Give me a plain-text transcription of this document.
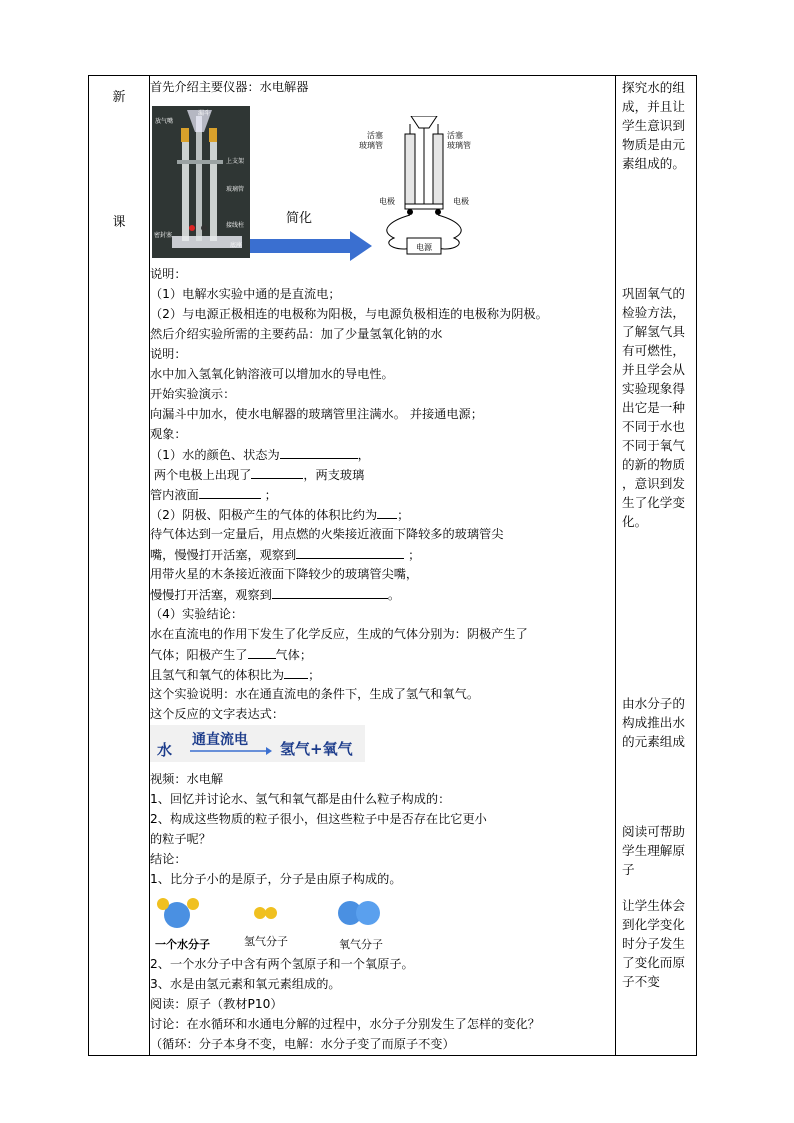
新
课
首先介绍主要仪器：水电解器
漏斗
放气嘴
上支架
玻璃管
接线柱
密封塞
底座
简化
活塞
玻璃管
活塞
玻璃管
电极	电极
电源
说明：
（1）电解水实验中通的是直流电；
（2）与电源正极相连的电极称为阳极，与电源负极相连的电极称为阴极。
然后介绍实验所需的主要药品：加了少量氢氧化钠的水
说明：
水中加入氢氧化钠溶液可以增加水的导电性。
开始实验演示：
向漏斗中加水，使水电解器的玻璃管里注满水。 并接通电源；
观象：
（1）水的颜色、状态为	，
两个电极上出现了	，两支玻璃
管内液面	；
（2）阴极、阳极产生的气体的体积比约为 ；
待气体达到一定量后，用点燃的火柴接近液面下降较多的玻璃管尖
嘴，慢慢打开活塞，观察到	；
用带火星的木条接近液面下降较少的玻璃管尖嘴，
慢慢打开活塞，观察到	。
（4）实验结论：
水在直流电的作用下发生了化学反应，生成的气体分别为：阴极产生了
气体；阳极产生了 气体；
且氢气和氧气的体积比为 ；
这个实验说明：水在通直流电的条件下，生成了氢气和氧气。
这个反应的文字表达式：
水
通直流电 氢气+氧气
视频：水电解
1、回忆并讨论水、氢气和氧气都是由什么粒子构成的：
2、构成这些物质的粒子很小，但这些粒子中是否存在比它更小
的粒子呢？
结论：
1、比分子小的是原子，分子是由原子构成的。
一个水分子	氢气分子	氧气分子
2、一个水分子中含有两个氢原子和一个氧原子。
3、水是由氢元素和氧元素组成的。
阅读：原子（教材P10）
讨论：在水循环和水通电分解的过程中，水分子分别发生了怎样的变化？
（循环：分子本身不变，电解：水分子变了而原子不变）
探究水的组
成，并且让
学生意识到
物质是由元
素组成的。
巩固氧气的
检验方法，
了解氢气具
有可燃性，
并且学会从
实验现象得
出它是一种
不同于水也
不同于氧气
的新的物质
，意识到发
生了化学变
化。
由水分子的
构成推出水
的元素组成
阅读可帮助
学生理解原
子
让学生体会
到化学变化
时分子发生
了变化而原
子不变
